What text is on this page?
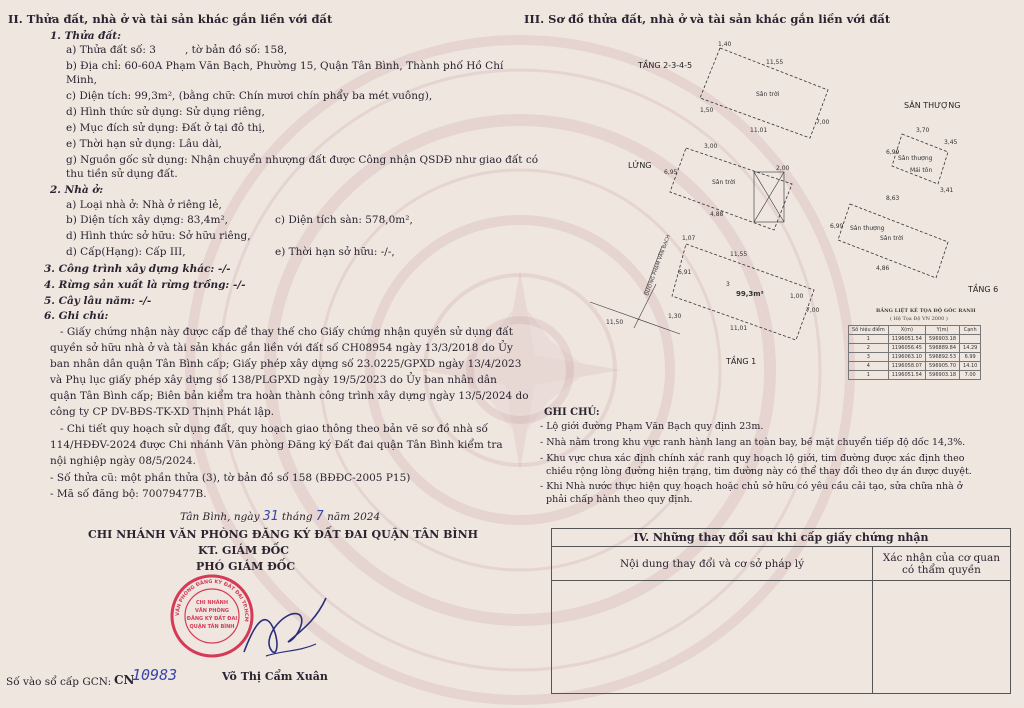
II. Thửa đất, nhà ở và tài sản khác gắn liền với đất
1. Thửa đất:
a) Thửa đất số: 3	, tờ bản đồ số: 158,
b) Địa chỉ: 60-60A Phạm Văn Bạch, Phường 15, Quận Tân Bình, Thành phố Hồ Chí
Minh,
c) Diện tích: 99,3m², (bằng chữ: Chín mươi chín phẩy ba mét vuông),
d) Hình thức sử dụng: Sử dụng riêng,
e) Mục đích sử dụng: Đất ở tại đô thị,
e) Thời hạn sử dụng: Lâu dài,
g) Nguồn gốc sử dụng: Nhận chuyển nhượng đất được Công nhận QSDĐ như giao đất có
thu tiền sử dụng đất.
2. Nhà ở:
a) Loại nhà ở: Nhà ở riêng lẻ,
b) Diện tích xây dựng: 83,4m²,	c) Diện tích sàn: 578,0m²,
d) Hình thức sở hữu: Sở hữu riêng,
d) Cấp(Hạng): Cấp III,	e) Thời hạn sở hữu: -/-,
3. Công trình xây dựng khác: -/-
4. Rừng sản xuất là rừng trồng: -/-
5. Cây lâu năm: -/-
6. Ghi chú:
- Giấy chứng nhận này được cấp để thay thế cho Giấy chứng nhận quyền sử dụng đất
quyền sở hữu nhà ở và tài sản khác gắn liền với đất số CH08954 ngày 13/3/2018 do Ủy
ban nhân dân quận Tân Bình cấp; Giấy phép xây dựng số 23.0225/GPXD ngày 13/4/2023
và Phụ lục giấy phép xây dựng số 138/PLGPXD ngày 19/5/2023 do Ủy ban nhân dân
quận Tân Bình cấp; Biên bản kiểm tra hoàn thành công trình xây dựng ngày 13/5/2024 do
công ty CP DV-BĐS-TK-XD Thịnh Phát lập.
- Chi tiết quy hoạch sử dụng đất, quy hoạch giao thông theo bản vẽ sơ đồ nhà số
114/HĐĐV-2024 được Chi nhánh Văn phòng Đăng ký Đất đai quận Tân Bình kiểm tra
nội nghiệp ngày 08/5/2024.
- Số thửa cũ: một phần thửa (3), tờ bản đồ số 158 (BĐĐC-2005 P15)
- Mã số đăng bộ: 70079477B.
Tân Bình, ngày 31 tháng 7 năm 2024
CHI NHÁNH VĂN PHÒNG ĐĂNG KÝ ĐẤT ĐAI QUẬN TÂN BÌNH
KT. GIÁM ĐỐC
PHÓ GIÁM ĐỐC
VĂN PHÒNG ĐĂNG KÝ ĐẤT ĐAI TP.HCM
CHI NHÁNH
VĂN PHÒNG
ĐĂNG KÝ ĐẤT ĐAI
QUẬN TÂN BÌNH
Võ Thị Cẩm Xuân
Số vào sổ cấp GCN: CN
10983
III. Sơ đồ thửa đất, nhà ở và tài sản khác gắn liền với đất
1,40
11,55
7,00
1,50
11,01	3,70
6,99
3,45
3,41
8,63
6,99
4,86
1,07
11,55
7,00
11,50
1,00
1,30
11,01
6,91
3,00
2,00
6,95
4,88
Sân trời
Sân trời
Sân thượng
Mái tôn
Sân trời
Sân thượng
99,3m²
3
ĐƯỜNG PHẠM VĂN BẠCH
TẦNG 2-3-4-5
SÂN THƯỢNG
LỬNG
TẦNG 6
TẦNG 1
BẢNG LIỆT KÊ TỌA ĐỘ GÓC RANH
( Hệ Tọa Độ VN 2000 )
Số hiệu điểm	X(m)	Y(m)	Cạnh
1	1196051.54	596903.18	
2	1196056.45	596889.84	14.29
3	1196063.10	596892.53	6.99
4	1196058.07	596905.70	14.10
1	1196051.54	596903.18	7.00
GHI CHÚ:
- Lộ giới đường Phạm Văn Bạch quy định 23m.
- Nhà nằm trong khu vực ranh hành lang an toàn bay, bề mặt chuyển tiếp độ dốc 14,3%.
- Khu vực chưa xác định chính xác ranh quy hoạch lộ giới, tim đường được xác định theo
chiều rộng lòng đường hiện trạng, tim đường này có thể thay đổi theo dự án được duyệt.
- Khi Nhà nước thực hiện quy hoạch hoặc chủ sở hữu có yêu cầu cải tạo, sửa chữa nhà ở
phải chấp hành theo quy định.
IV. Những thay đổi sau khi cấp giấy chứng nhận	
Nội dung thay đổi và cơ sở pháp lý	Xác nhận của cơ quan
có thẩm quyền
